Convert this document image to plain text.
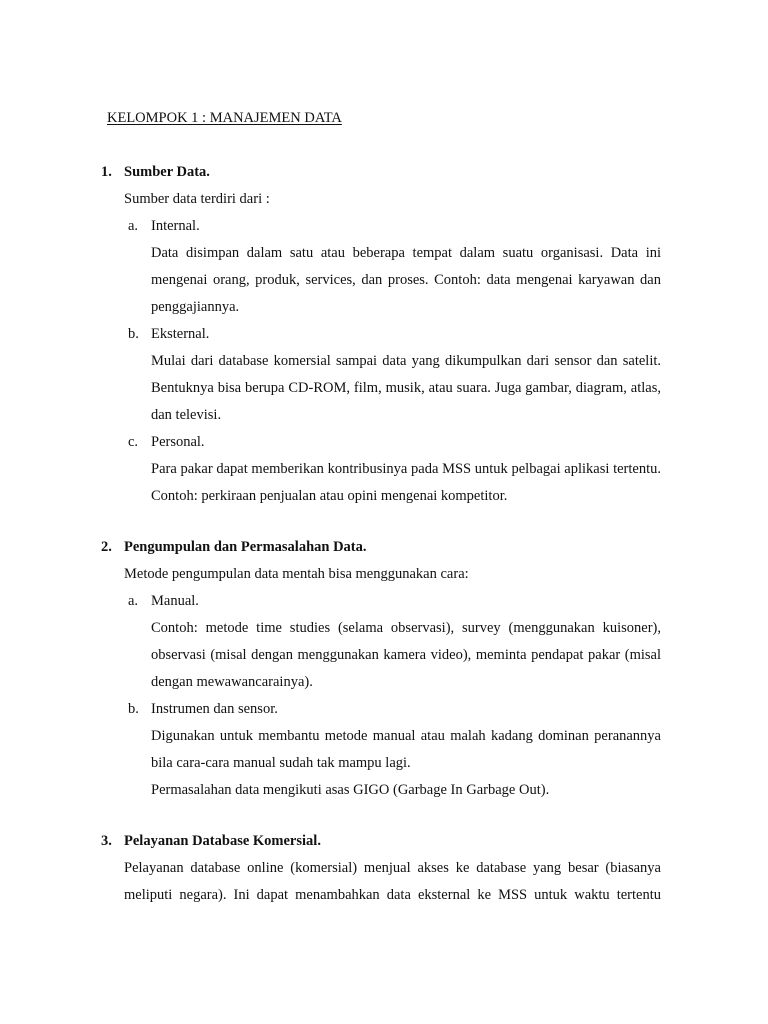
KELOMPOK 1 : MANAJEMEN DATA
1. Sumber Data.
Sumber data terdiri dari :
a. Internal.

Data disimpan dalam satu atau beberapa tempat dalam suatu organisasi. Data ini mengenai orang, produk, services, dan proses. Contoh: data mengenai karyawan dan penggajiannya.

b. Eksternal.

Mulai dari database komersial sampai data yang dikumpulkan dari sensor dan satelit. Bentuknya bisa berupa CD-ROM, film, musik, atau suara. Juga gambar, diagram, atlas, dan televisi.

c. Personal.

Para pakar dapat memberikan kontribusinya pada MSS untuk pelbagai aplikasi tertentu. Contoh: perkiraan penjualan atau opini mengenai kompetitor.

2. Pengumpulan dan Permasalahan Data.
Metode pengumpulan data mentah bisa menggunakan cara:
a. Manual.

Contoh: metode time studies (selama observasi), survey (menggunakan kuisoner), observasi (misal dengan menggunakan kamera video), meminta pendapat pakar (misal dengan mewawancarainya).

b. Instrumen dan sensor.

Digunakan untuk membantu metode manual atau malah kadang dominan peranannya bila cara-cara manual sudah tak mampu lagi.

Permasalahan data mengikuti asas GIGO (Garbage In Garbage Out).

3. Pelayanan Database Komersial.

Pelayanan database online (komersial) menjual akses ke database yang besar (biasanya meliputi negara). Ini dapat menambahkan data eksternal ke MSS untuk waktu tertentu
